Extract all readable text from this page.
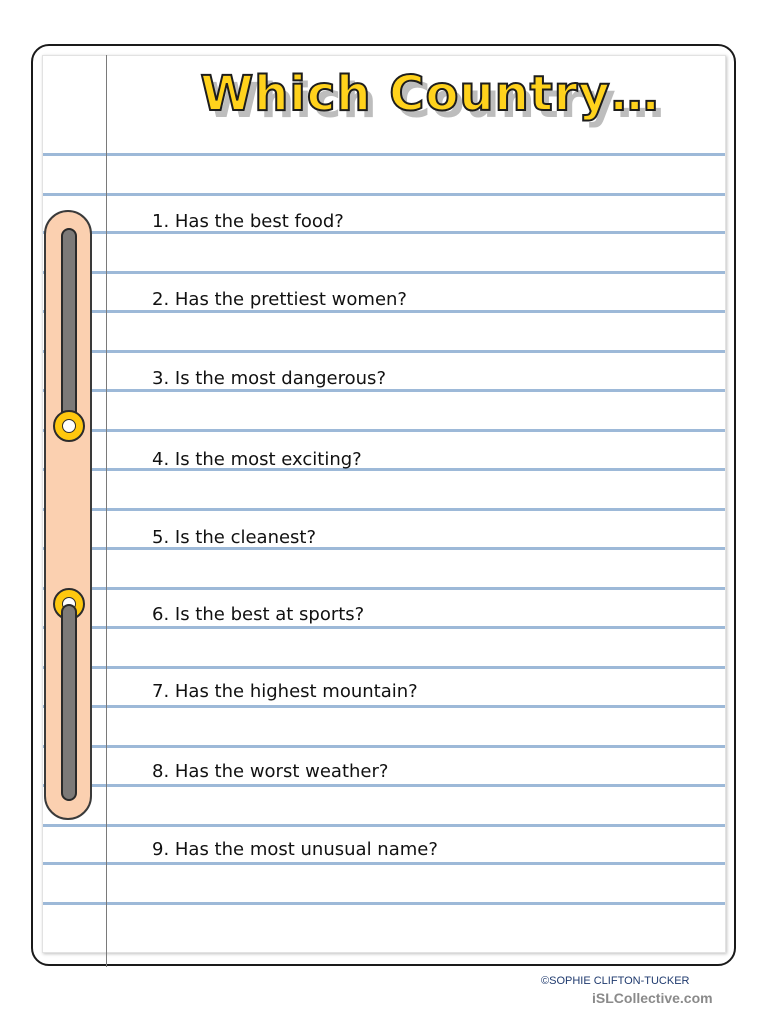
Which Country…
1. Has the best food?
2. Has the prettiest women?
3. Is the most dangerous?
4. Is the most exciting?
5. Is the cleanest?
6. Is the best at sports?
7. Has the highest mountain?
8. Has the worst weather?
9. Has the most unusual name?
©SOPHIE CLIFTON-TUCKER
iSLCollective.com
